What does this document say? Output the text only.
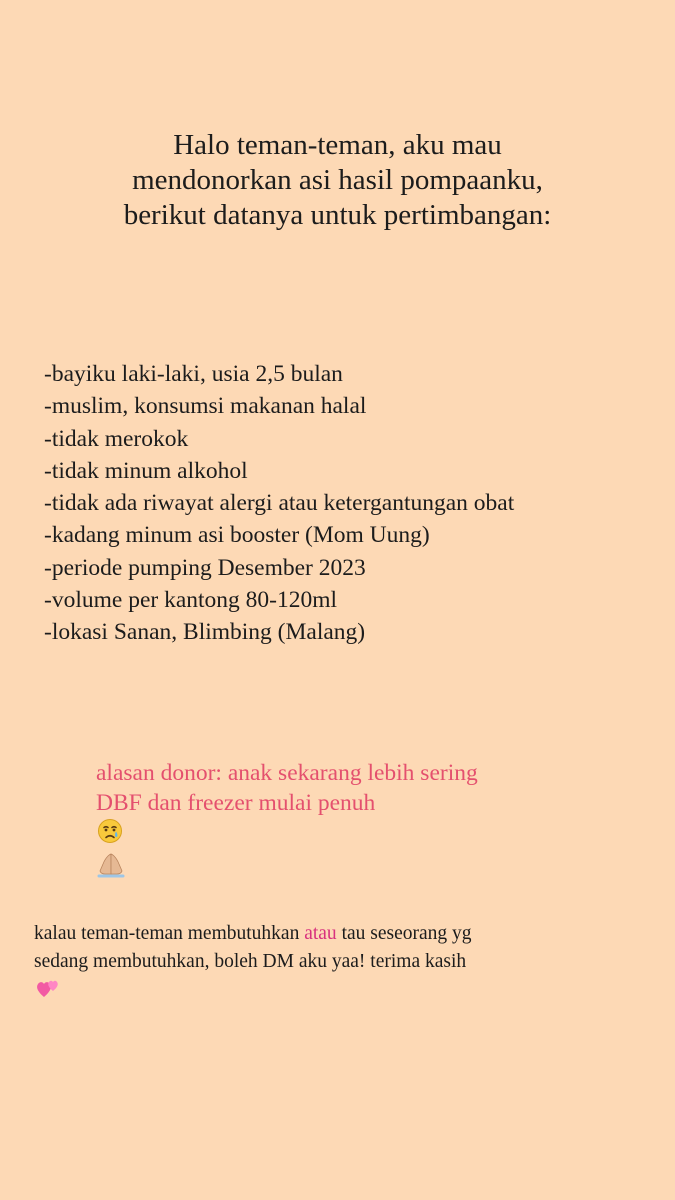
Halo teman-teman, aku mau
mendonorkan asi hasil pompaanku,
berikut datanya untuk pertimbangan:
-bayiku laki-laki, usia 2,5 bulan
-muslim, konsumsi makanan halal
-tidak merokok
-tidak minum alkohol
-tidak ada riwayat alergi atau ketergantungan obat
-kadang minum asi booster (Mom Uung)
-periode pumping Desember 2023
-volume per kantong 80-120ml
-lokasi Sanan, Blimbing (Malang)
alasan donor: anak sekarang lebih sering
DBF dan freezer mulai penuh
kalau teman-teman membutuhkan atau tau seseorang yg
sedang membutuhkan, boleh DM aku yaa! terima kasih
